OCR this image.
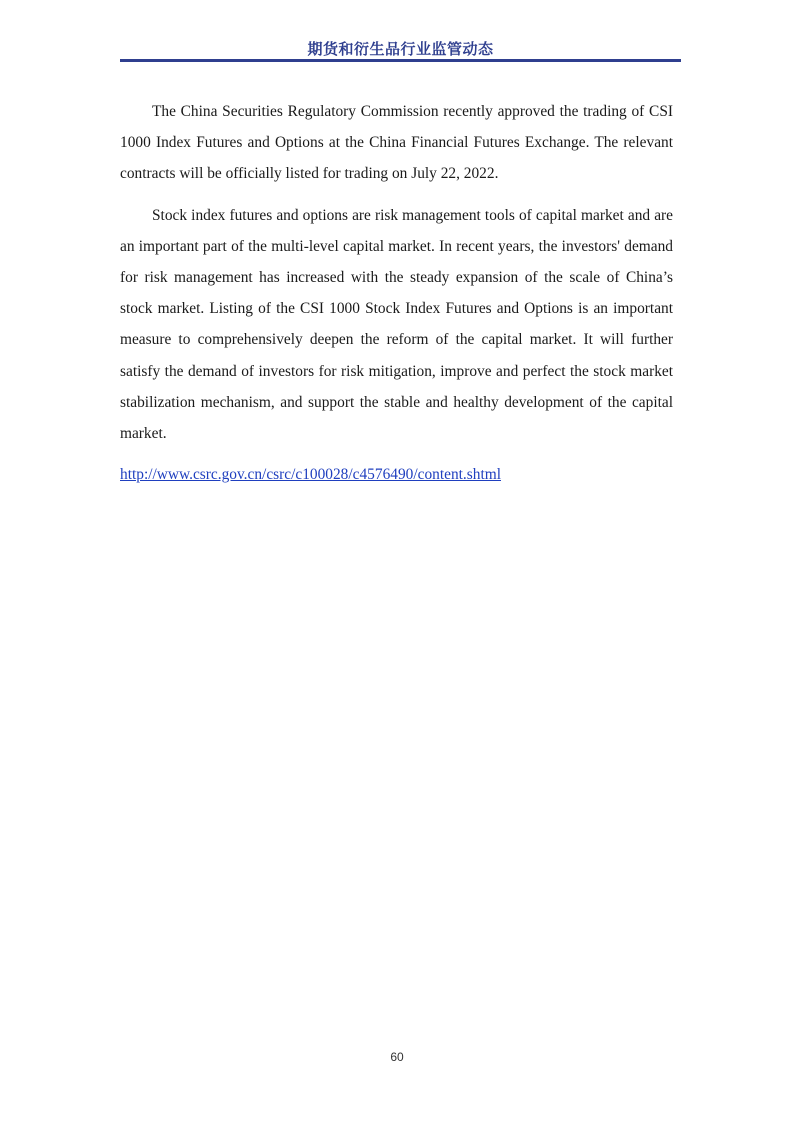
期货和衍生品行业监管动态

The China Securities Regulatory Commission recently approved the trading of CSI 1000 Index Futures and Options at the China Financial Futures Exchange. The relevant contracts will be officially listed for trading on July 22, 2022.

Stock index futures and options are risk management tools of capital market and are an important part of the multi-level capital market. In recent years, the investors' demand for risk management has increased with the steady expansion of the scale of China’s stock market. Listing of the CSI 1000 Stock Index Futures and Options is an important measure to comprehensively deepen the reform of the capital market. It will further satisfy the demand of investors for risk mitigation, improve and perfect the stock market stabilization mechanism, and support the stable and healthy development of the capital market.

http://www.csrc.gov.cn/csrc/c100028/c4576490/content.shtml
60
